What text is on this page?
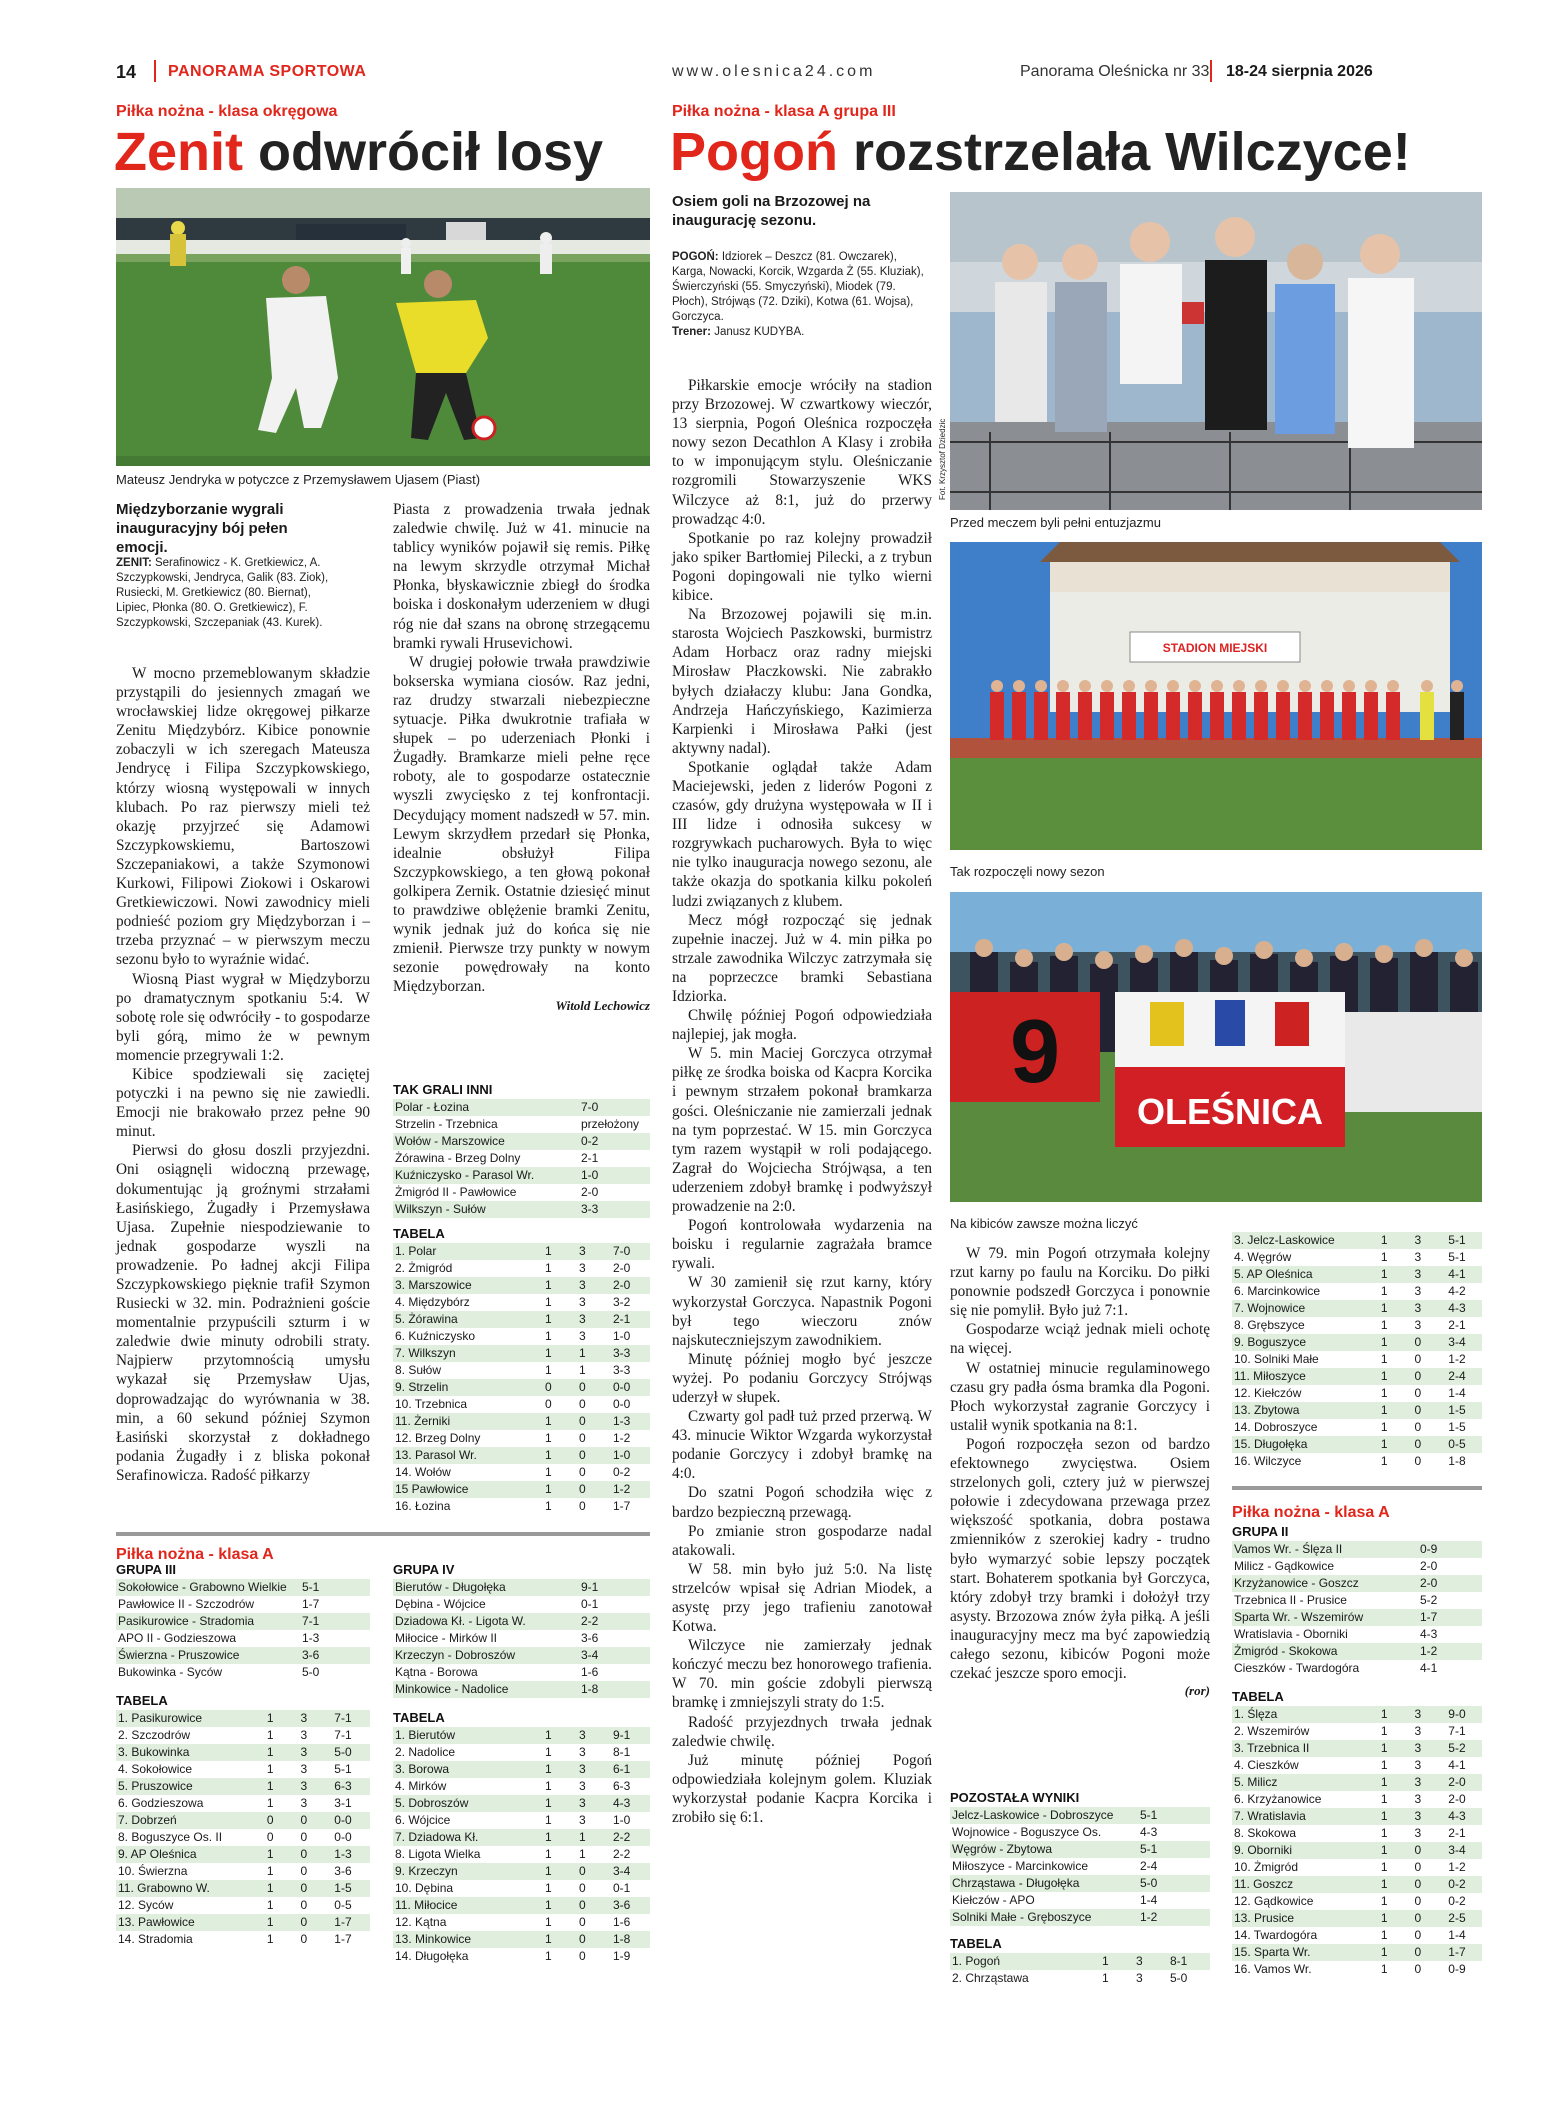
14 PANORAMA SPORTOWA	www.olesnica24.com	Panorama Oleśnicka nr 33 18-24 sierpnia 2026
Piłka nożna - klasa okręgowa
Zenit odwrócił losy
Mateusz Jendryka w potyczce z Przemysławem Ujasem (Piast)
Międzyborzanie wygrali inauguracyjny bój pełen emocji.
ZENIT: Serafinowicz - K. Gretkiewicz, A. Szczypkowski, Jendryca, Galik (83. Ziok), Rusiecki, M. Gretkiewicz (80. Biernat), Lipiec, Płonka (80. O. Gretkiewicz), F. Szczypkowski, Szczepaniak (43. Kurek).

W mocno przemeblowanym składzie przystąpili do jesiennych zmagań we wrocławskiej lidze okręgowej piłkarze Zenitu Międzybórz. Kibice ponownie zobaczyli w ich szeregach Mateusza Jendrycę i Filipa Szczypkowskiego, którzy wiosną występowali w innych klubach. Po raz pierwszy mieli też okazję przyjrzeć się Adamowi Szczypkowskiemu, Bartoszowi Szczepaniakowi, a także Szymonowi Kurkowi, Filipowi Ziokowi i Oskarowi Gretkiewiczowi. Nowi zawodnicy mieli podnieść poziom gry Międzyborzan i – trzeba przyznać – w pierwszym meczu sezonu było to wyraźnie widać.

Wiosną Piast wygrał w Międzyborzu po dramatycznym spotkaniu 5:4. W sobotę role się odwróciły - to gospodarze byli górą, mimo że w pewnym momencie przegrywali 1:2.

Kibice spodziewali się zaciętej potyczki i na pewno się nie zawiedli. Emocji nie brakowało przez pełne 90 minut.

Pierwsi do głosu doszli przyjezdni. Oni osiągnęli widoczną przewagę, dokumentując ją groźnymi strzałami Łasińskiego, Żugadły i Przemysława Ujasa. Zupełnie niespodziewanie to jednak gospodarze wyszli na prowadzenie. Po ładnej akcji Filipa Szczypkowskiego pięknie trafił Szymon Rusiecki w 32. min. Podrażnieni goście momentalnie przypuścili szturm i w zaledwie dwie minuty odrobili straty. Najpierw przytomnością umysłu wykazał się Przemysław Ujas, doprowadzając do wyrównania w 38. min, a 60 sekund później Szymon Łasiński skorzystał z dokładnego podania Żugadły i z bliska pokonał Serafinowicza. Radość piłkarzy

Piasta z prowadzenia trwała jednak zaledwie chwilę. Już w 41. minucie na tablicy wyników pojawił się remis. Piłkę na lewym skrzydle otrzymał Michał Płonka, błyskawicznie zbiegł do środka boiska i doskonałym uderzeniem w długi róg nie dał szans na obronę strzegącemu bramki rywali Hrusevichowi.

W drugiej połowie trwała prawdziwie bokserska wymiana ciosów. Raz jedni, raz drudzy stwarzali niebezpieczne sytuacje. Piłka dwukrotnie trafiała w słupek – po uderzeniach Płonki i Żugadły. Bramkarze mieli pełne ręce roboty, ale to gospodarze ostatecznie wyszli zwycięsko z tej konfrontacji. Decydujący moment nadszedł w 57. min. Lewym skrzydłem przedarł się Płonka, idealnie obsłużył Filipa Szczypkowskiego, a ten głową pokonał golkipera Zernik. Ostatnie dziesięć minut to prawdziwe oblężenie bramki Zenitu, wynik jednak już do końca się nie zmienił. Pierwsze trzy punkty w nowym sezonie powędrowały na konto Międzyborzan.

Witold Lechowicz
TAK GRALI INNI
Polar - Łozina	7-0
Strzelin - Trzebnica	przełożony
Wołów - Marszowice	0-2
Żórawina - Brzeg Dolny	2-1
Kuźniczysko - Parasol Wr.	1-0
Żmigród II - Pawłowice	2-0
Wilkszyn - Sułów	3-3
TABELA
1. Polar	1	3	7-0
2. Żmigród	1	3	2-0
3. Marszowice	1	3	2-0
4. Międzybórz	1	3	3-2
5. Żórawina	1	3	2-1
6. Kuźniczysko	1	3	1-0
7. Wilkszyn	1	1	3-3
8. Sułów	1	1	3-3
9. Strzelin	0	0	0-0
10. Trzebnica	0	0	0-0
11. Żerniki	1	0	1-3
12. Brzeg Dolny	1	0	1-2
13. Parasol Wr.	1	0	1-0
14. Wołów	1	0	0-2
15 Pawłowice	1	0	1-2
16. Łozina	1	0	1-7
Piłka nożna - klasa A
GRUPA III
Sokołowice - Grabowno Wielkie	5-1
Pawłowice II - Szczodrów	1-7
Pasikurowice - Stradomia	7-1
APO II - Godzieszowa	1-3
Świerzna - Pruszowice	3-6
Bukowinka - Syców	5-0
TABELA
1. Pasikurowice	1	3	7-1
2. Szczodrów	1	3	7-1
3. Bukowinka	1	3	5-0
4. Sokołowice	1	3	5-1
5. Pruszowice	1	3	6-3
6. Godzieszowa	1	3	3-1
7. Dobrzeń	0	0	0-0
8. Boguszyce Os. II	0	0	0-0
9. AP Oleśnica	1	0	1-3
10. Świerzna	1	0	3-6
11. Grabowno W.	1	0	1-5
12. Syców	1	0	0-5
13. Pawłowice	1	0	1-7
14. Stradomia	1	0	1-7
GRUPA IV
Bierutów - Długołęka	9-1
Dębina - Wójcice	0-1
Dziadowa Kł. - Ligota W.	2-2
Miłocice - Mirków II	3-6
Krzeczyn - Dobroszów	3-4
Kątna - Borowa	1-6
Minkowice - Nadolice	1-8
TABELA
1. Bierutów	1	3	9-1
2. Nadolice	1	3	8-1
3. Borowa	1	3	6-1
4. Mirków	1	3	6-3
5. Dobroszów	1	3	4-3
6. Wójcice	1	3	1-0
7. Dziadowa Kł.	1	1	2-2
8. Ligota Wielka	1	1	2-2
9. Krzeczyn	1	0	3-4
10. Dębina	1	0	0-1
11. Miłocice	1	0	3-6
12. Kątna	1	0	1-6
13. Minkowice	1	0	1-8
14. Długołęka	1	0	1-9
Piłka nożna - klasa A grupa III
Pogoń rozstrzelała Wilczyce!
Osiem goli na Brzozowej na inaugurację sezonu.
POGOŃ: Idziorek – Deszcz (81. Owczarek), Karga, Nowacki, Korcik, Wzgarda Ż (55. Kluziak), Świerczyński (55. Smyczyński), Miodek (79. Płoch), Strójwąs (72. Dziki), Kotwa (61. Wojsa), Gorczyca.
Trener: Janusz KUDYBA.

Piłkarskie emocje wróciły na stadion przy Brzozowej. W czwartkowy wieczór, 13 sierpnia, Pogoń Oleśnica rozpoczęła nowy sezon Decathlon A Klasy i zrobiła to w imponującym stylu. Oleśniczanie rozgromili Stowarzyszenie WKS Wilczyce aż 8:1, już do przerwy prowadząc 4:0.

Spotkanie po raz kolejny prowadził jako spiker Bartłomiej Pilecki, a z trybun Pogoni dopingowali nie tylko wierni kibice.

Na Brzozowej pojawili się m.in. starosta Wojciech Paszkowski, burmistrz Adam Horbacz oraz radny miejski Mirosław Płaczkowski. Nie zabrakło byłych działaczy klubu: Jana Gondka, Andrzeja Hańczyńskiego, Kazimierza Karpienki i Mirosława Pałki (jest aktywny nadal).

Spotkanie oglądał także Adam Maciejewski, jeden z liderów Pogoni z czasów, gdy drużyna występowała w II i III lidze i odnosiła sukcesy w rozgrywkach pucharowych. Była to więc nie tylko inauguracja nowego sezonu, ale także okazja do spotkania kilku pokoleń ludzi związanych z klubem.

Mecz mógł rozpocząć się jednak zupełnie inaczej. Już w 4. min piłka po strzale zawodnika Wilczyc zatrzymała się na poprzeczce bramki Sebastiana Idziorka.

Chwilę później Pogoń odpowiedziała najlepiej, jak mogła.

W 5. min Maciej Gorczyca otrzymał piłkę ze środka boiska od Kacpra Korcika i pewnym strzałem pokonał bramkarza gości. Oleśniczanie nie zamierzali jednak na tym poprzestać. W 15. min Gorczyca tym razem wystąpił w roli podającego. Zagrał do Wojciecha Strójwąsa, a ten uderzeniem zdobył bramkę i podwyższył prowadzenie na 2:0.

Pogoń kontrolowała wydarzenia na boisku i regularnie zagrażała bramce rywali.

W 30 zamienił się rzut karny, który wykorzystał Gorczyca. Napastnik Pogoni był tego wieczoru znów najskuteczniejszym zawodnikiem.

Minutę później mogło być jeszcze wyżej. Po podaniu Gorczycy Strójwąs uderzył w słupek.

Czwarty gol padł tuż przed przerwą. W 43. minucie Wiktor Wzgarda wykorzystał podanie Gorczycy i zdobył bramkę na 4:0.

Do szatni Pogoń schodziła więc z bardzo bezpieczną przewagą.

Po zmianie stron gospodarze nadal atakowali.

W 58. min było już 5:0. Na listę strzelców wpisał się Adrian Miodek, a asystę przy jego trafieniu zanotował Kotwa.

Wilczyce nie zamierzały jednak kończyć meczu bez honorowego trafienia. W 70. min goście zdobyli pierwszą bramkę i zmniejszyli straty do 1:5.

Radość przyjezdnych trwała jednak zaledwie chwilę.

Już minutę później Pogoń odpowiedziała kolejnym golem. Kluziak wykorzystał podanie Kacpra Korcika i zrobiło się 6:1.

Fot. Krzysztof Dziedzic
Przed meczem byli pełni entuzjazmu
STADION MIEJSKI
Tak rozpoczęli nowy sezon
9
OLEŚNICA
Na kibiców zawsze można liczyć

W 79. min Pogoń otrzymała kolejny rzut karny po faulu na Korciku. Do piłki ponownie podszedł Gorczyca i ponownie się nie pomylił. Było już 7:1.

Gospodarze wciąż jednak mieli ochotę na więcej.

W ostatniej minucie regulaminowego czasu gry padła ósma bramka dla Pogoni. Płoch wykorzystał zagranie Gorczycy i ustalił wynik spotkania na 8:1.

Pogoń rozpoczęła sezon od bardzo efektownego zwycięstwa. Osiem strzelonych goli, cztery już w pierwszej połowie i zdecydowana przewaga przez większość spotkania, dobra postawa zmienników z szerokiej kadry - trudno było wymarzyć sobie lepszy początek start. Bohaterem spotkania był Gorczyca, który zdobył trzy bramki i dołożył trzy asysty. Brzozowa znów żyła piłką. A jeśli inauguracyjny mecz ma być zapowiedzią całego sezonu, kibiców Pogoni może czekać jeszcze sporo emocji.

(ror)
POZOSTAŁA WYNIKI
Jelcz-Laskowice - Dobroszyce	5-1
Wojnowice - Boguszyce Os.	4-3
Węgrów - Zbytowa	5-1
Miłoszyce - Marcinkowice	2-4
Chrząstawa - Długołęka	5-0
Kiełczów - APO	1-4
Solniki Małe - Gręboszyce	1-2
TABELA
1. Pogoń	1	3	8-1
2. Chrząstawa	1	3	5-0
3. Jelcz-Laskowice	1	3	5-1
4. Węgrów	1	3	5-1
5. AP Oleśnica	1	3	4-1
6. Marcinkowice	1	3	4-2
7. Wojnowice	1	3	4-3
8. Grębszyce	1	3	2-1
9. Boguszyce	1	0	3-4
10. Solniki Małe	1	0	1-2
11. Miłoszyce	1	0	2-4
12. Kiełczów	1	0	1-4
13. Zbytowa	1	0	1-5
14. Dobroszyce	1	0	1-5
15. Długołęka	1	0	0-5
16. Wilczyce	1	0	1-8
Piłka nożna - klasa A
GRUPA II
Vamos Wr. - Ślęza II	0-9
Milicz - Gądkowice	2-0
Krzyżanowice - Goszcz	2-0
Trzebnica II - Prusice	5-2
Sparta Wr. - Wszemirów	1-7
Wratislavia - Oborniki	4-3
Żmigród - Skokowa	1-2
Cieszków - Twardogóra	4-1
TABELA
1. Ślęza	1	3	9-0
2. Wszemirów	1	3	7-1
3. Trzebnica II	1	3	5-2
4. Cieszków	1	3	4-1
5. Milicz	1	3	2-0
6. Krzyżanowice	1	3	2-0
7. Wratislavia	1	3	4-3
8. Skokowa	1	3	2-1
9. Oborniki	1	0	3-4
10. Żmigród	1	0	1-2
11. Goszcz	1	0	0-2
12. Gądkowice	1	0	0-2
13. Prusice	1	0	2-5
14. Twardogóra	1	0	1-4
15. Sparta Wr.	1	0	1-7
16. Vamos Wr.	1	0	0-9
